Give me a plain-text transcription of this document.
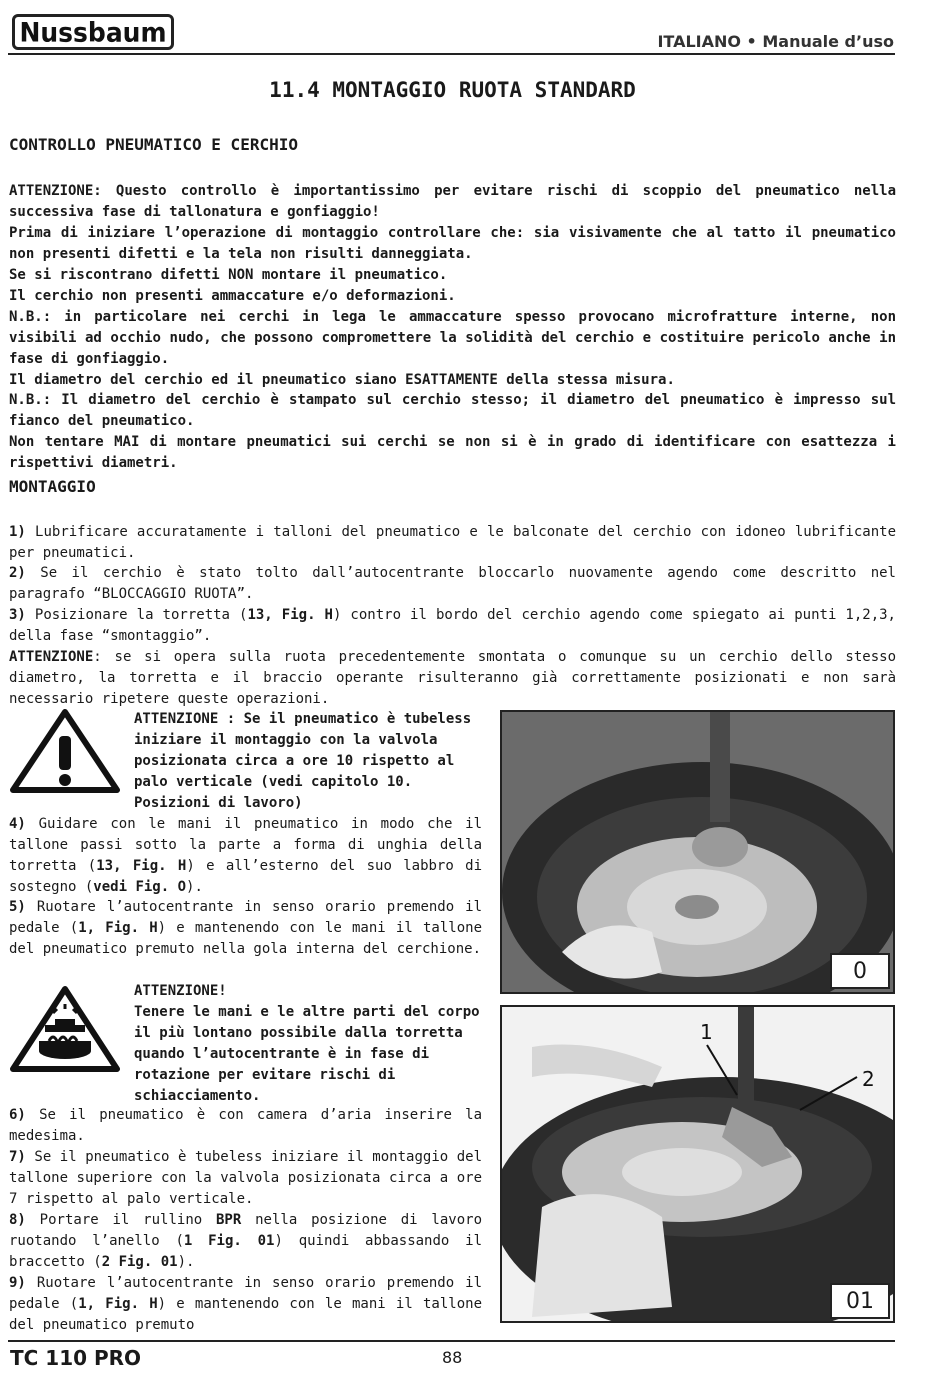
Nussbaum	ITALIANO • Manuale d’uso
11.4 MONTAGGIO RUOTA STANDARD
CONTROLLO PNEUMATICO E CERCHIO
ATTENZIONE: Questo controllo è importantissimo per evitare rischi di scoppio del pneumatico nella successiva fase di tallonatura e gonfiaggio!
Prima di iniziare l’operazione di montaggio controllare che: sia visivamente che al tatto il pneumatico non presenti difetti e la tela non risulti danneggiata.
Se si riscontrano difetti NON montare il pneumatico.
Il cerchio non presenti ammaccature e/o deformazioni.
N.B.: in particolare nei cerchi in lega le ammaccature spesso provocano microfratture interne, non visibili ad occhio nudo, che possono compromettere la solidità del cerchio e costituire pericolo anche in fase di gonfiaggio.
Il diametro del cerchio ed il pneumatico siano ESATTAMENTE della stessa misura.
N.B.: Il diametro del cerchio è stampato sul cerchio stesso; il diametro del pneumatico è impresso sul fianco del pneumatico.
Non tentare MAI di montare pneumatici sui cerchi se non si è in grado di identificare con esattezza i rispettivi diametri.
MONTAGGIO
1) Lubrificare accuratamente i talloni del pneumatico e le balconate del cerchio con idoneo lubrificante per pneumatici.
2) Se il cerchio è stato tolto dall’autocentrante bloccarlo nuovamente agendo come descritto nel paragrafo “BLOCCAGGIO RUOTA”.
3) Posizionare la torretta (13, Fig. H) contro il bordo del cerchio agendo come spiegato ai punti 1,2,3, della fase “smontaggio”.
ATTENZIONE: se si opera sulla ruota precedentemente smontata o comunque su un cerchio dello stesso diametro, la torretta e il braccio operante risulteranno già correttamente posizionati e non sarà necessario ripetere queste operazioni.
ATTENZIONE : Se il pneumatico è tubeless iniziare il montaggio con la valvola posizionata circa a ore 10 rispetto al palo verticale (vedi capitolo 10. Posizioni di lavoro)
4) Guidare con le mani il pneumatico in modo che il tallone passi sotto la parte a forma di unghia della torretta (13, Fig. H) e all’esterno del suo labbro di sostegno (vedi Fig. O).
5) Ruotare l’autocentrante in senso orario premendo il pedale (1, Fig. H) e mantenendo con le mani il tallone del pneumatico premuto nella gola interna del cerchione.
ATTENZIONE!
Tenere le mani e le altre parti del corpo il più lontano possibile dalla torretta quando l’autocentrante è in fase di rotazione per evitare rischi di schiacciamento.
6) Se il pneumatico è con camera d’aria inserire la medesima.
7) Se il pneumatico è tubeless iniziare il montaggio del tallone superiore con la valvola posizionata circa a ore 7 rispetto al palo verticale.
8) Portare il rullino BPR nella posizione di lavoro ruotando l’anello (1 Fig. 01) quindi abbassando il braccetto (2 Fig. 01).
9) Ruotare l’autocentrante in senso orario premendo il pedale (1, Fig. H) e mantenendo con le mani il tallone del pneumatico premuto
0
1
2
01
TC 110 PRO	88
